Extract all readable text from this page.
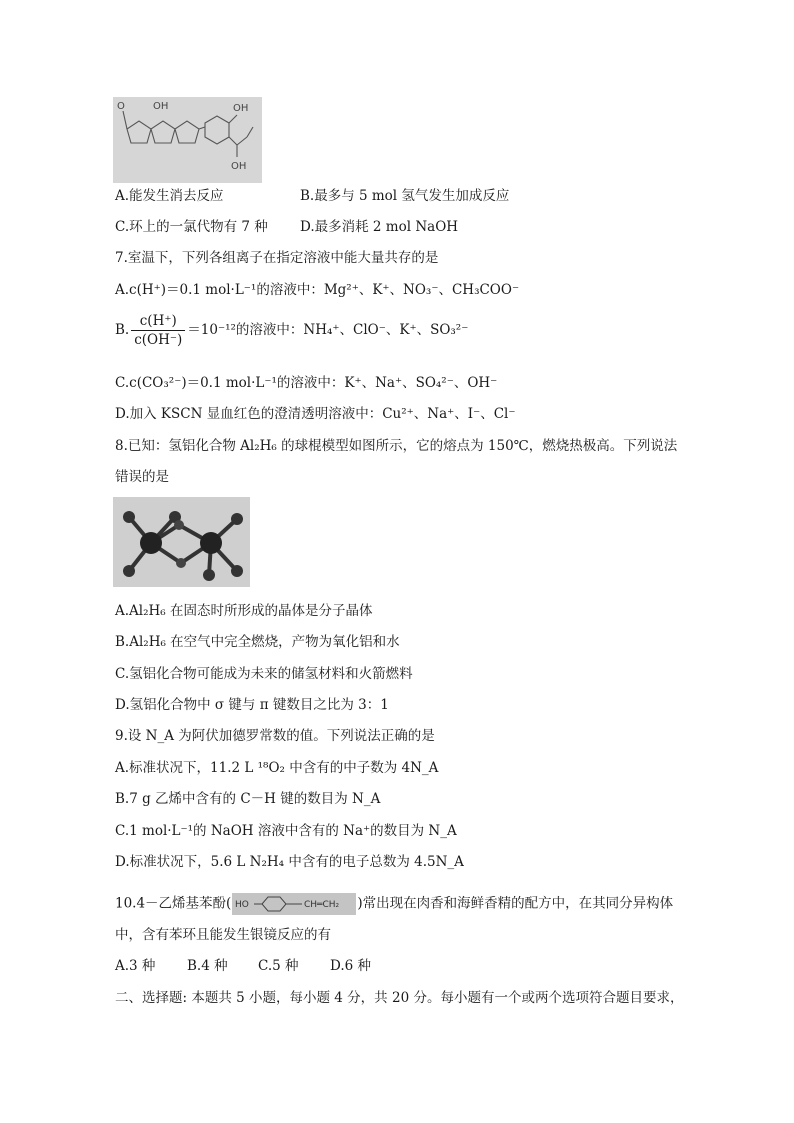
O	OH	OH
OH
A.能发生消去反应	B.最多与 5 mol 氢气发生加成反应
C.环上的一氯代物有 7 种 D.最多消耗 2 mol NaOH
7.室温下，下列各组离子在指定溶液中能大量共存的是
A.c(H⁺)＝0.1 mol·L⁻¹的溶液中：Mg²⁺、K⁺、NO₃⁻、CH₃COO⁻
B. $\frac{c(H^+)}{c(OH^-)} =10^{-12}$的溶液中：NH₄⁺、ClO⁻、K⁺、SO₃²⁻
C.c(CO₃²⁻)＝0.1 mol·L⁻¹的溶液中：K⁺、Na⁺、SO₄²⁻、OH⁻
D.加入 KSCN 显血红色的澄清透明溶液中：Cu²⁺、Na⁺、I⁻、Cl⁻
8.已知：氢铝化合物 Al₂H₆ 的球棍模型如图所示，它的熔点为 150℃，燃烧热极高。下列说法
错误的是
A.Al₂H₆ 在固态时所形成的晶体是分子晶体
B.Al₂H₆ 在空气中完全燃烧，产物为氧化铝和水
C.氢铝化合物可能成为未来的储氢材料和火箭燃料
D.氢铝化合物中 σ 键与 π 键数目之比为 3：1
9.设 N_A 为阿伏加德罗常数的值。下列说法正确的是
A.标准状况下，11.2 L ¹⁸O₂ 中含有的中子数为 4N_A
B.7 g 乙烯中含有的 C－H 键的数目为 N_A
C.1 mol·L⁻¹的 NaOH 溶液中含有的 Na⁺的数目为 N_A
D.标准状况下，5.6 L N₂H₄ 中含有的电子总数为 4.5N_A
10.4－乙烯基苯酚( HO	CH═CH₂ )常出现在肉香和海鲜香精的配方中，在其同分异构体
中，含有苯环且能发生银镜反应的有
A.3 种 B.4 种 C.5 种 D.6 种
二、选择题: 本题共 5 小题，每小题 4 分，共 20 分。每小题有一个或两个选项符合题目要求，
